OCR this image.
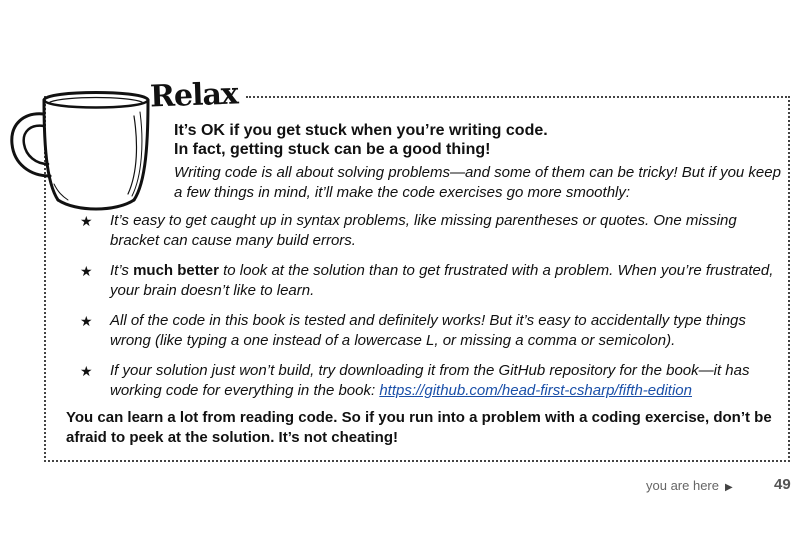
Relax
It’s OK if you get stuck when you’re writing code.
In fact, getting stuck can be a good thing!

Writing code is all about solving problems—and some of them can be tricky! But if you keep a few things in mind, it’ll make the code exercises go more smoothly:

★ It’s easy to get caught up in syntax problems, like missing parentheses or quotes. One missing bracket can cause many build errors.
★ It’s much better to look at the solution than to get frustrated with a problem. When you’re frustrated, your brain doesn’t like to learn.
★ All of the code in this book is tested and definitely works! But it’s easy to accidentally type things wrong (like typing a one instead of a lowercase L, or missing a comma or semicolon).
★ If your solution just won’t build, try downloading it from the GitHub repository for the book—it has working code for everything in the book: https://github.com/head-first-csharp/fifth-edition

You can learn a lot from reading code. So if you run into a problem with a coding exercise, don’t be afraid to peek at the solution. It’s not cheating!

you are here ▶	49
